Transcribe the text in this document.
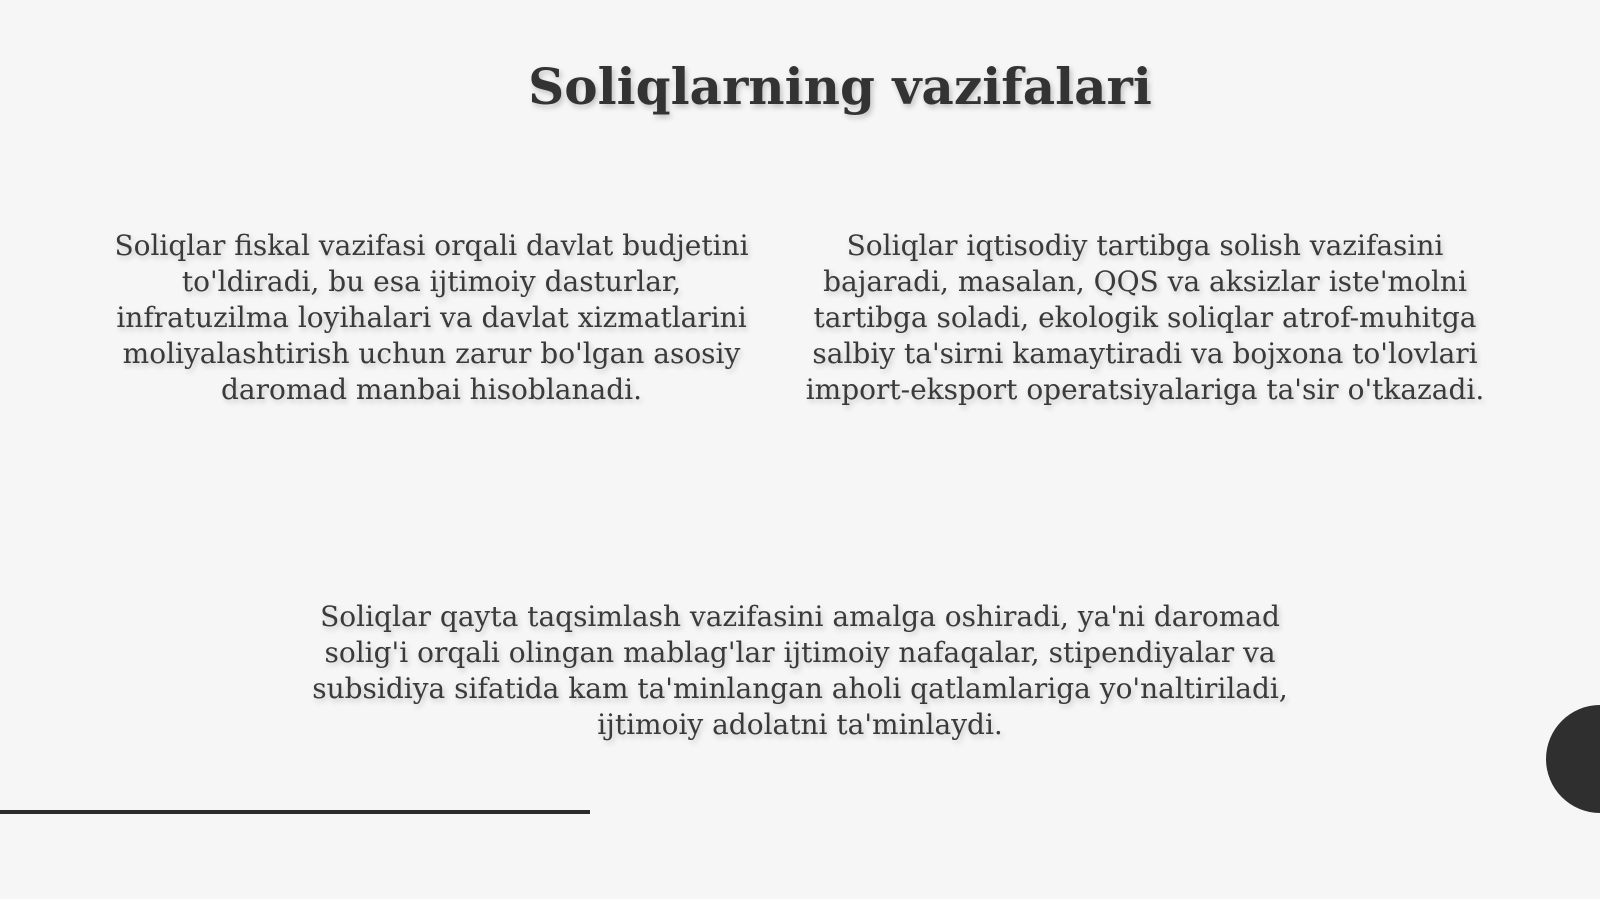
Soliqlarning vazifalari

Soliqlar fiskal vazifasi orqali davlat budjetini to'ldiradi, bu esa ijtimoiy dasturlar, infratuzilma loyihalari va davlat xizmatlarini moliyalashtirish uchun zarur bo'lgan asosiy daromad manbai hisoblanadi.

Soliqlar iqtisodiy tartibga solish vazifasini bajaradi, masalan, QQS va aksizlar iste'molni tartibga soladi, ekologik soliqlar atrof-muhitga salbiy ta'sirni kamaytiradi va bojxona to'lovlari import-eksport operatsiyalariga ta'sir o'tkazadi.

Soliqlar qayta taqsimlash vazifasini amalga oshiradi, ya'ni daromad solig'i orqali olingan mablag'lar ijtimoiy nafaqalar, stipendiyalar va subsidiya sifatida kam ta'minlangan aholi qatlamlariga yo'naltiriladi, ijtimoiy adolatni ta'minlaydi.
